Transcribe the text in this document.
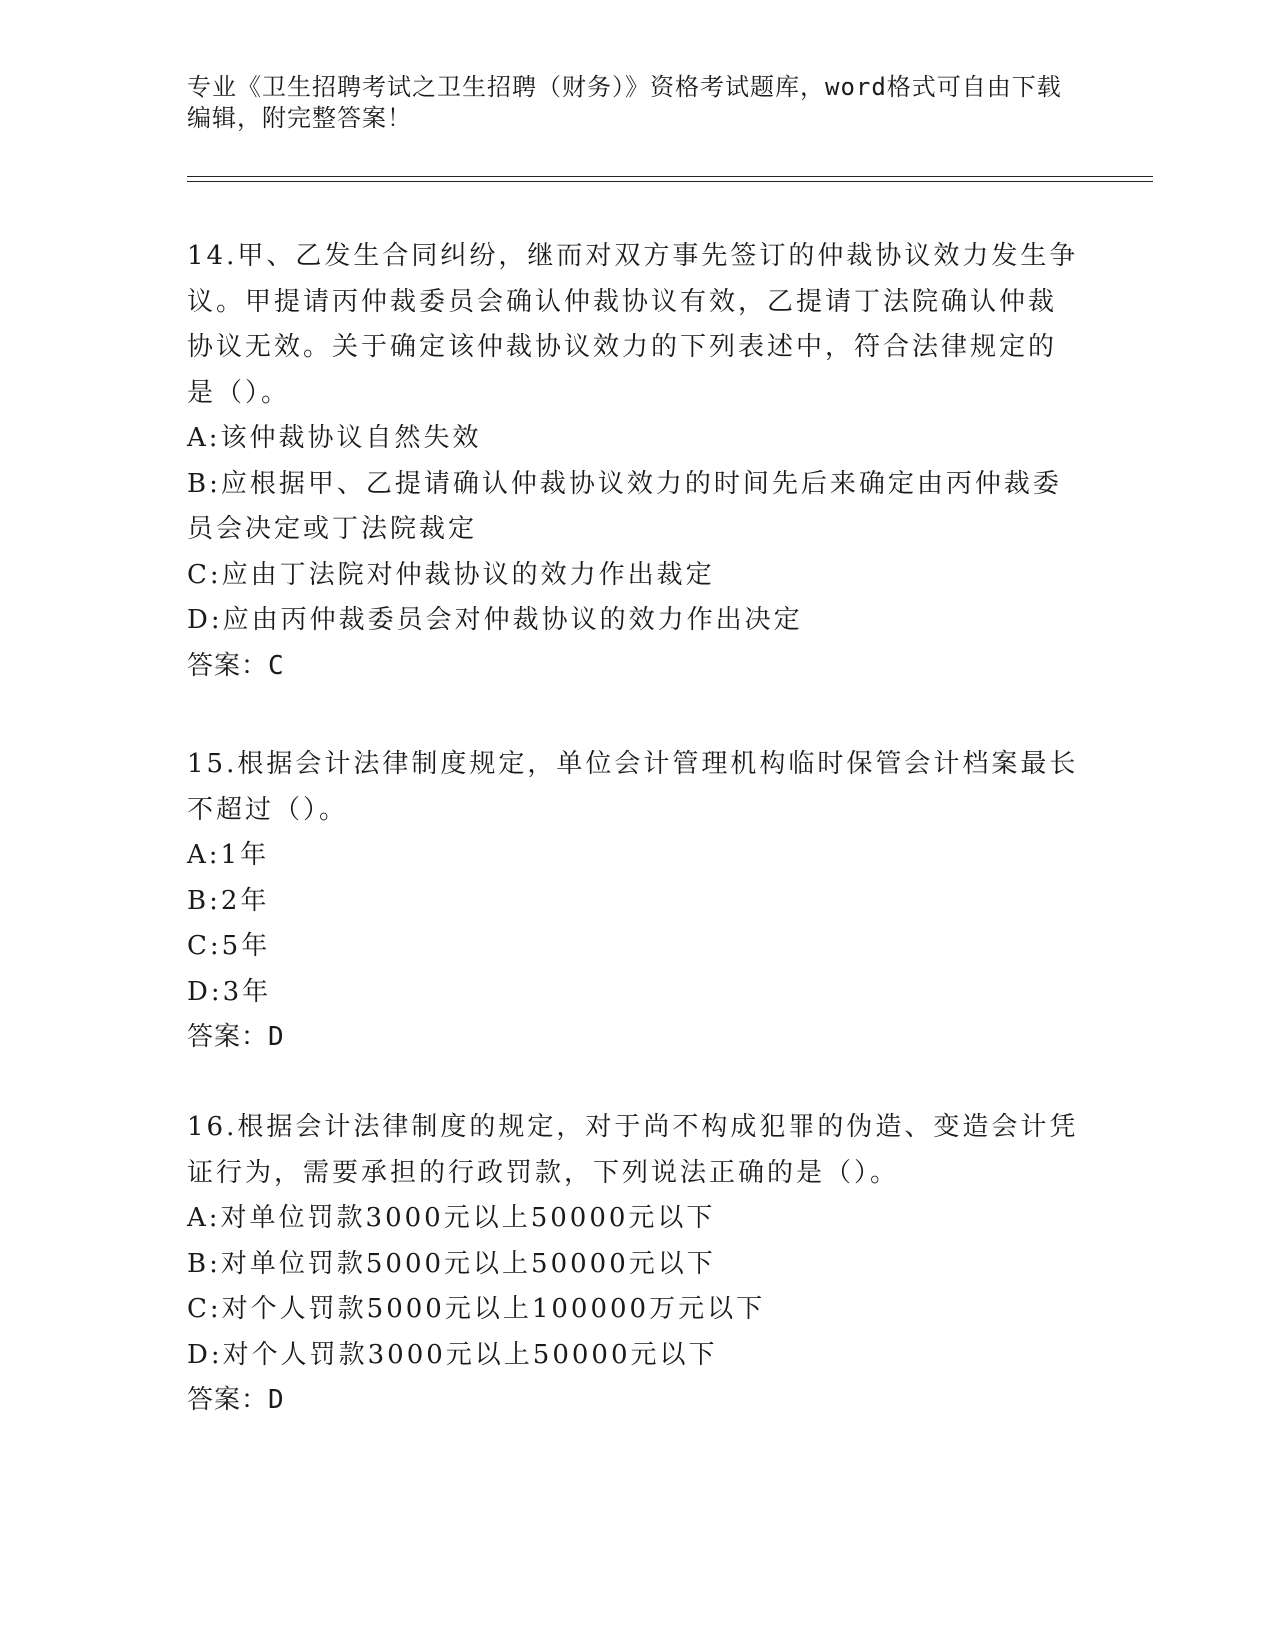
专业《卫生招聘考试之卫生招聘（财务）》资格考试题库，word格式可自由下载
编辑，附完整答案！
14.甲、乙发生合同纠纷，继而对双方事先签订的仲裁协议效力发生争
议。甲提请丙仲裁委员会确认仲裁协议有效，乙提请丁法院确认仲裁
协议无效。关于确定该仲裁协议效力的下列表述中，符合法律规定的
是（）。
A:该仲裁协议自然失效
B:应根据甲、乙提请确认仲裁协议效力的时间先后来确定由丙仲裁委
员会决定或丁法院裁定
C:应由丁法院对仲裁协议的效力作出裁定
D:应由丙仲裁委员会对仲裁协议的效力作出决定
答案：C
15.根据会计法律制度规定，单位会计管理机构临时保管会计档案最长
不超过（）。
A:1年
B:2年
C:5年
D:3年
答案：D
16.根据会计法律制度的规定，对于尚不构成犯罪的伪造、变造会计凭
证行为，需要承担的行政罚款，下列说法正确的是（）。
A:对单位罚款3000元以上50000元以下
B:对单位罚款5000元以上50000元以下
C:对个人罚款5000元以上100000万元以下
D:对个人罚款3000元以上50000元以下
答案：D
